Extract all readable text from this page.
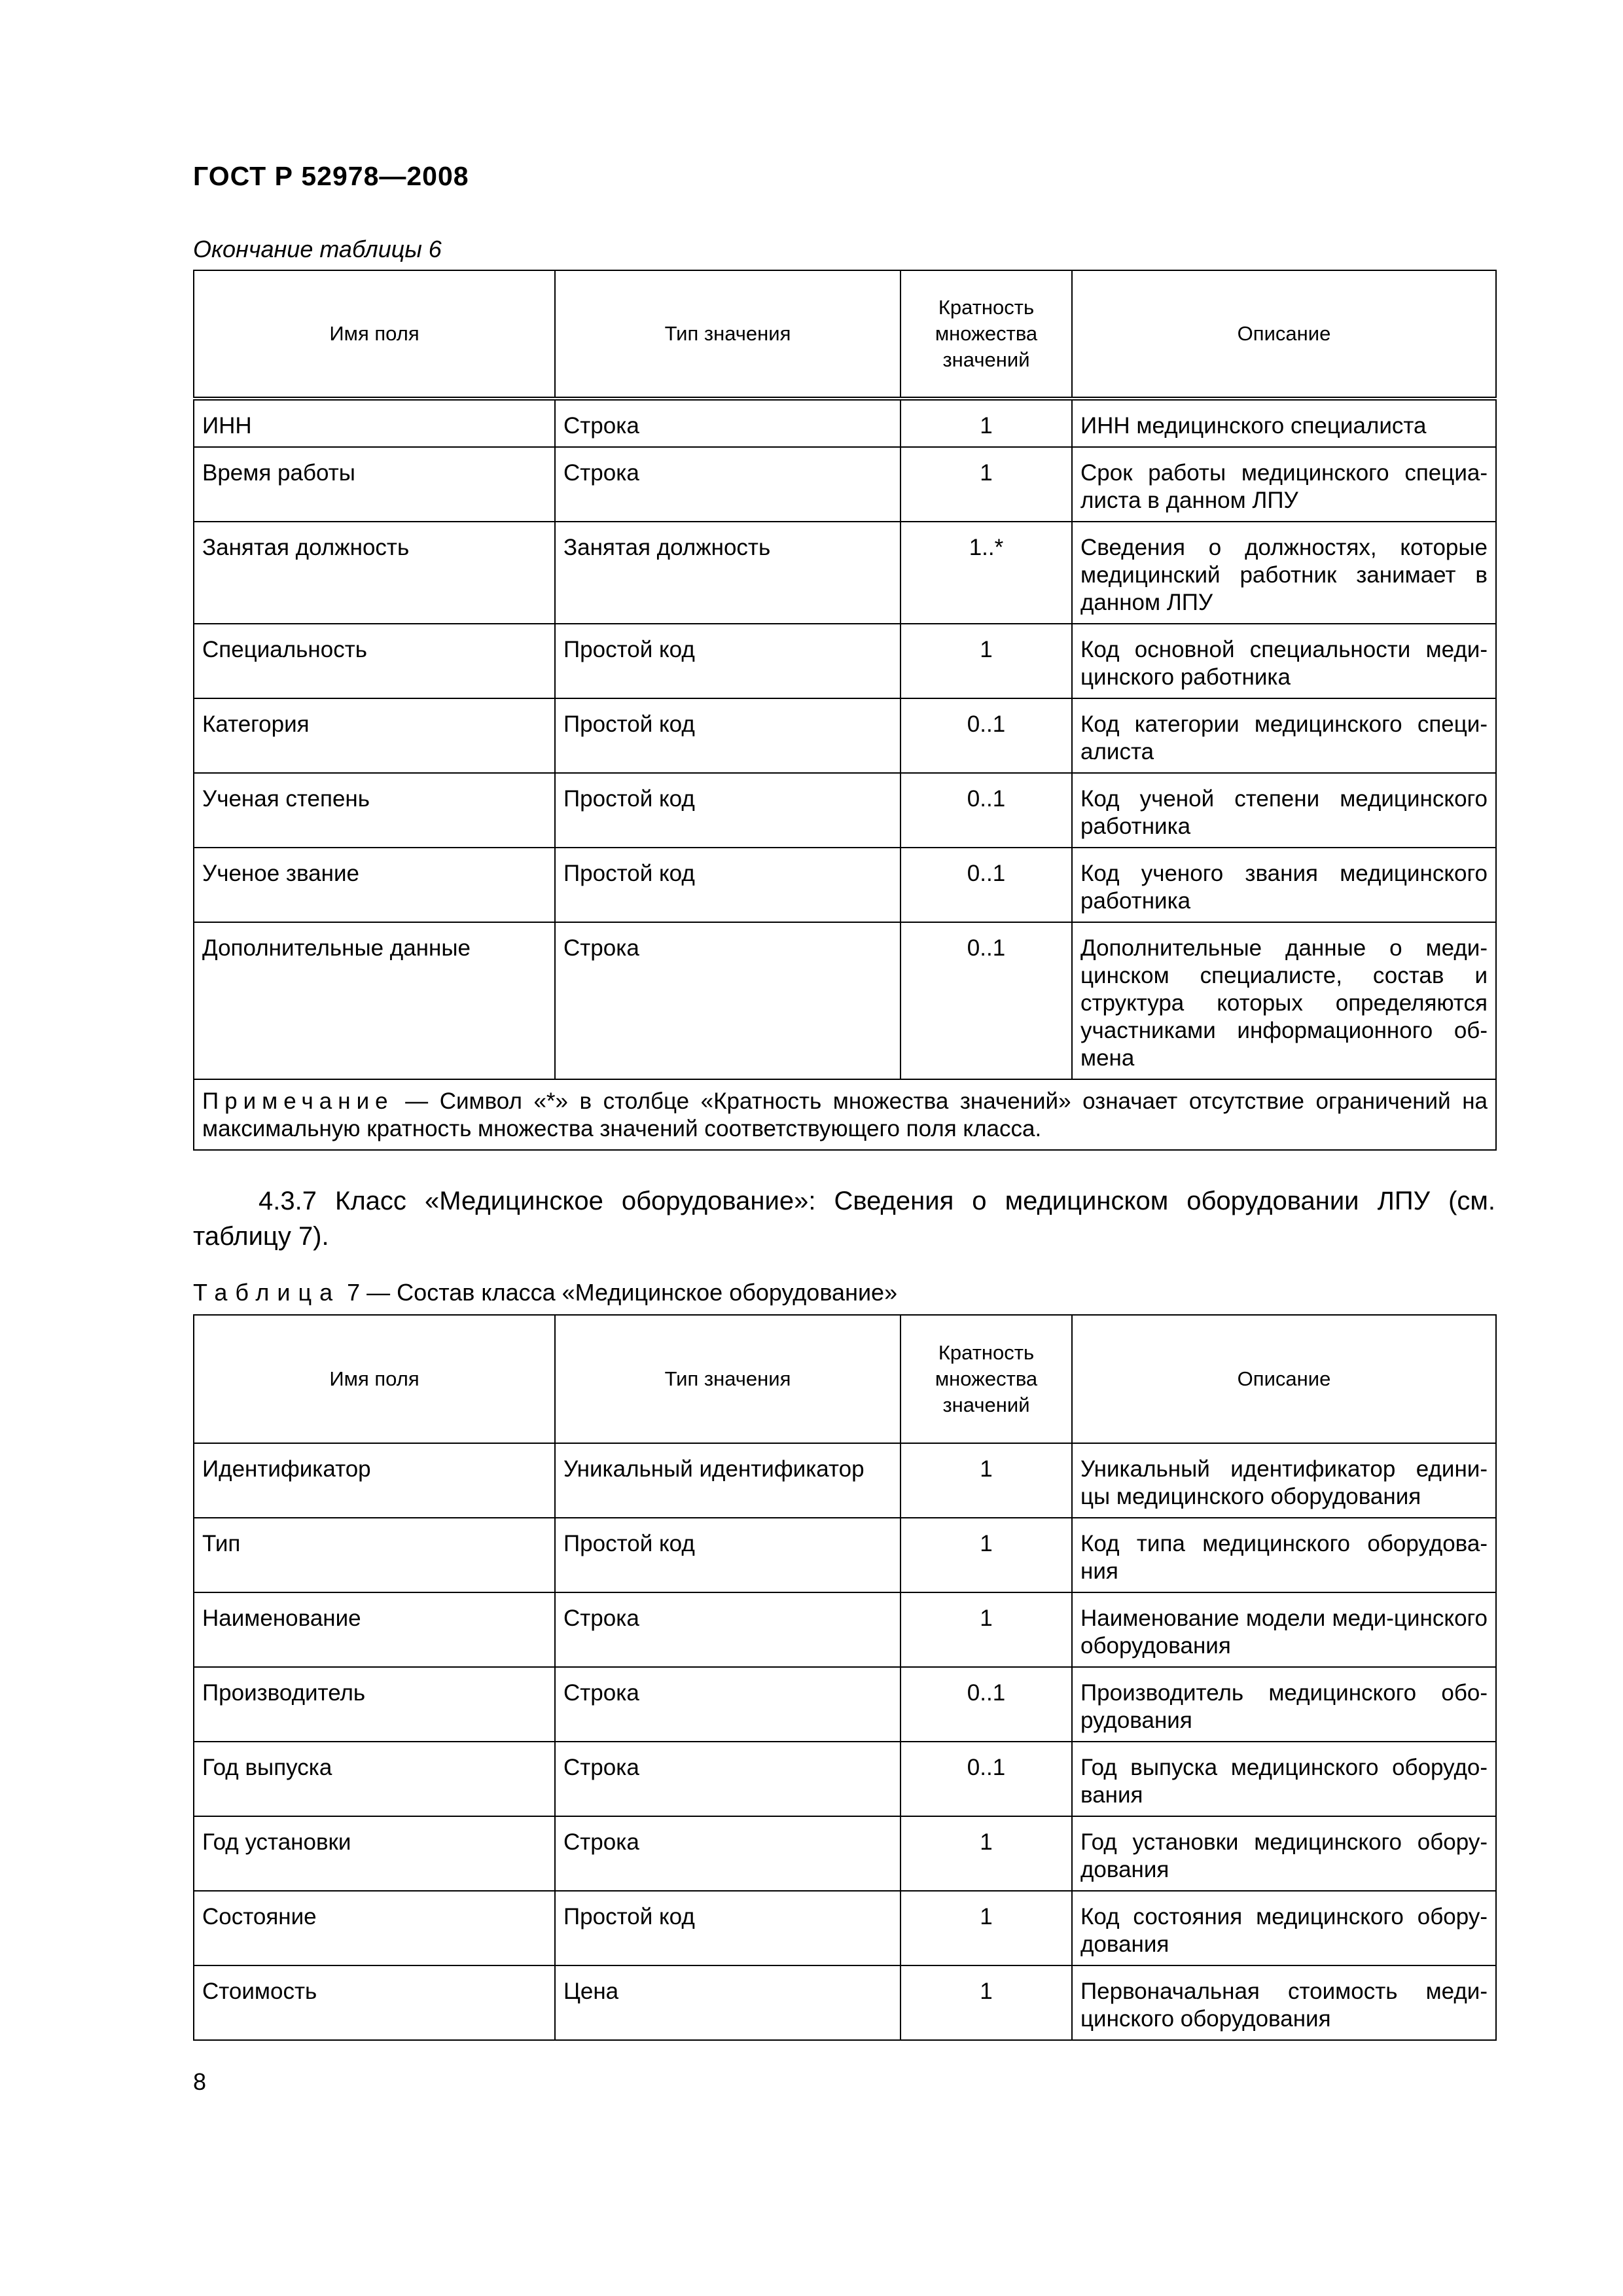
ГОСТ Р 52978—2008
Окончание таблицы 6
Имя поля	Тип значения	Кратность множества значений	Описание
ИНН	Строка	1	ИНН медицинского специалиста
Время работы	Строка	1	Срок работы медицинского специа-листа в данном ЛПУ
Занятая должность	Занятая должность	1..*	Сведения о должностях, которые медицинский работник занимает в данном ЛПУ
Специальность	Простой код	1	Код основной специальности меди-цинского работника
Категория	Простой код	0..1	Код категории медицинского специ-алиста
Ученая степень	Простой код	0..1	Код ученой степени медицинского работника
Ученое звание	Простой код	0..1	Код ученого звания медицинского работника
Дополнительные данные	Строка	0..1	Дополнительные данные о меди-цинском специалисте, состав и структура которых определяются участниками информационного об-мена
Примечание — Символ «*» в столбце «Кратность множества значений» означает отсутствие ограничений на максимальную кратность множества значений соответствующего поля класса.			
4.3.7 Класс «Медицинское оборудование»: Сведения о медицинском оборудовании ЛПУ (см. таблицу 7).
Таблица 7 — Состав класса «Медицинское оборудование»
Имя поля	Тип значения	Кратность множества значений	Описание
Идентификатор	Уникальный идентификатор	1	Уникальный идентификатор едини-цы медицинского оборудования
Тип	Простой код	1	Код типа медицинского оборудова-ния
Наименование	Строка	1	Наименование модели меди-цинского оборудования
Производитель	Строка	0..1	Производитель медицинского обо-рудования
Год выпуска	Строка	0..1	Год выпуска медицинского оборудо-вания
Год установки	Строка	1	Год установки медицинского обору-дования
Состояние	Простой код	1	Код состояния медицинского обору-дования
Стоимость	Цена	1	Первоначальная стоимость меди-цинского оборудования
8
